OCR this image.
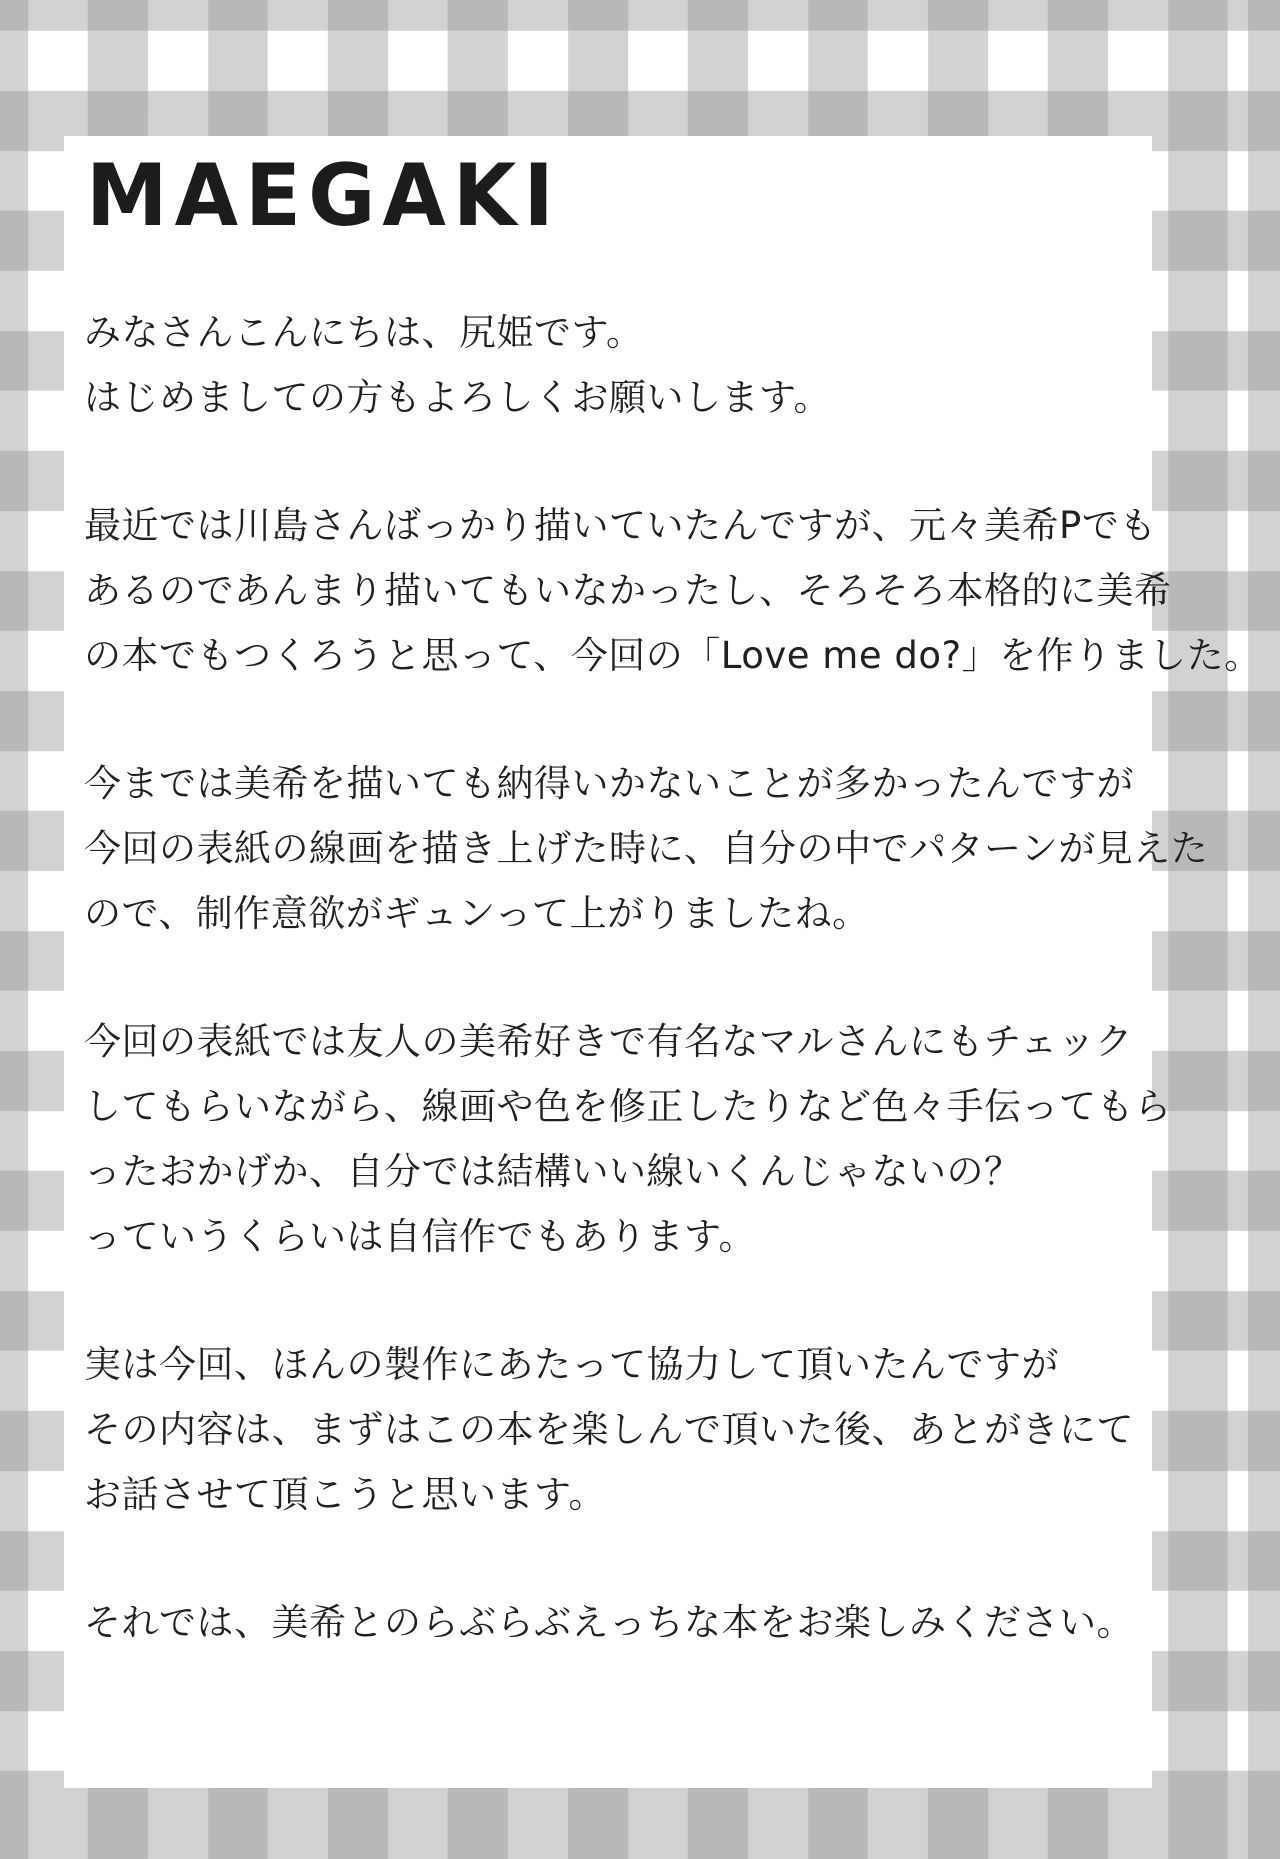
MAEGAKI
みなさんこんにちは、尻姫です。
はじめましての方もよろしくお願いします。
最近では川島さんばっかり描いていたんですが、元々美希Pでも
あるのであんまり描いてもいなかったし、そろそろ本格的に美希
の本でもつくろうと思って、今回の「Love me do?」を作りました。
今までは美希を描いても納得いかないことが多かったんですが
今回の表紙の線画を描き上げた時に、自分の中でパターンが見えた
ので、制作意欲がギュンって上がりましたね。
今回の表紙では友人の美希好きで有名なマルさんにもチェック
してもらいながら、線画や色を修正したりなど色々手伝ってもら
ったおかげか、自分では結構いい線いくんじゃないの？
っていうくらいは自信作でもあります。
実は今回、ほんの製作にあたって協力して頂いたんですが
その内容は、まずはこの本を楽しんで頂いた後、あとがきにて
お話させて頂こうと思います。
それでは、美希とのらぶらぶえっちな本をお楽しみください。
